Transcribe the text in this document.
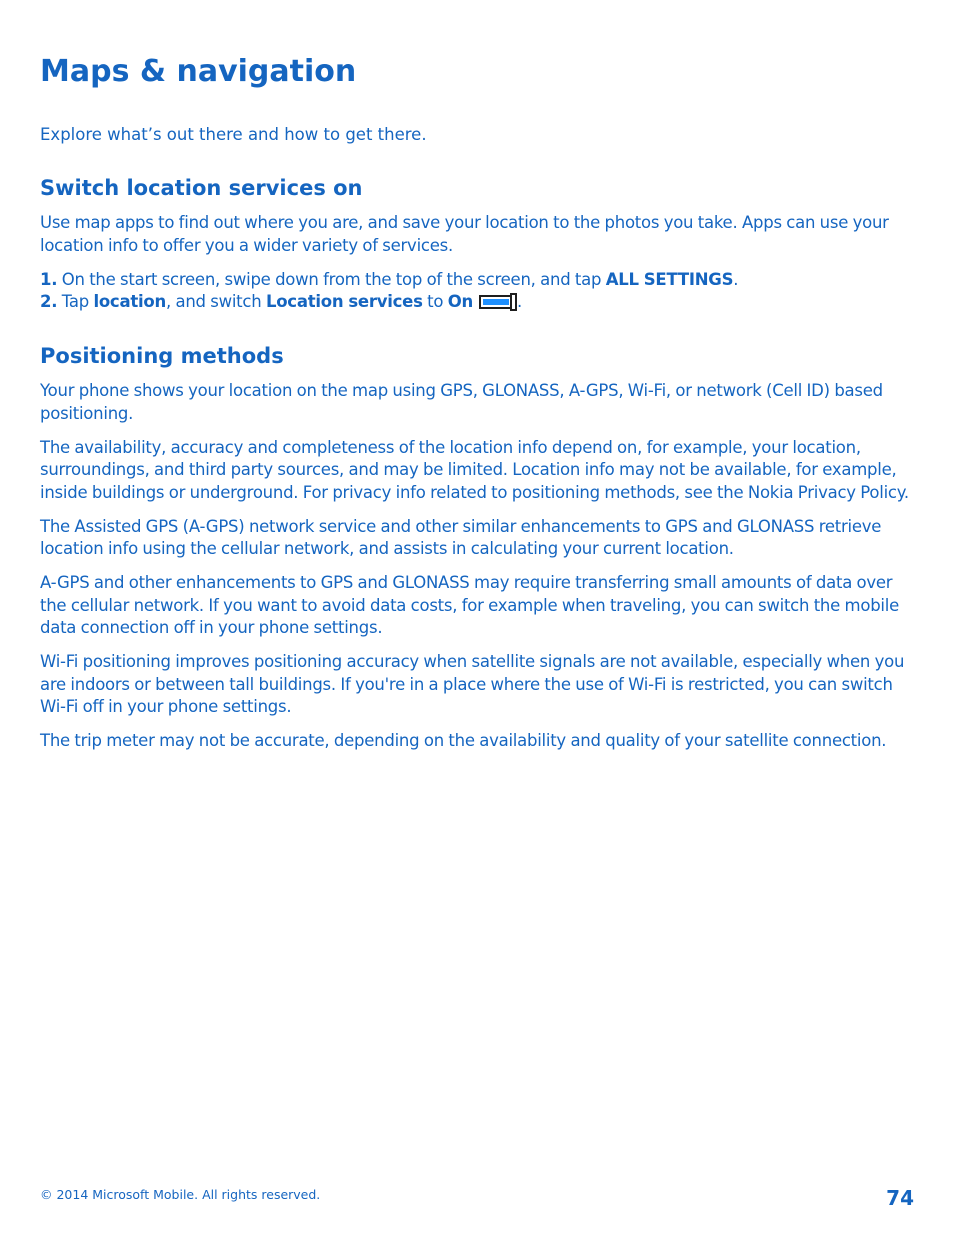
Maps & navigation
Explore what’s out there and how to get there.
Switch location services on

Use map apps to find out where you are, and save your location to the photos you take. Apps can use your location info to offer you a wider variety of services.

1. On the start screen, swipe down from the top of the screen, and tap ALL SETTINGS.
2. Tap location, and switch Location services to On	.
Positioning methods

Your phone shows your location on the map using GPS, GLONASS, A-GPS, Wi-Fi, or network (Cell ID) based positioning.

The availability, accuracy and completeness of the location info depend on, for example, your location, surroundings, and third party sources, and may be limited. Location info may not be available, for example, inside buildings or underground. For privacy info related to positioning methods, see the Nokia Privacy Policy.

The Assisted GPS (A-GPS) network service and other similar enhancements to GPS and GLONASS retrieve location info using the cellular network, and assists in calculating your current location.

A-GPS and other enhancements to GPS and GLONASS may require transferring small amounts of data over the cellular network. If you want to avoid data costs, for example when traveling, you can switch the mobile data connection off in your phone settings.

Wi-Fi positioning improves positioning accuracy when satellite signals are not available, especially when you are indoors or between tall buildings. If you're in a place where the use of Wi-Fi is restricted, you can switch Wi-Fi off in your phone settings.

The trip meter may not be accurate, depending on the availability and quality of your satellite connection.

© 2014 Microsoft Mobile. All rights reserved.	74
